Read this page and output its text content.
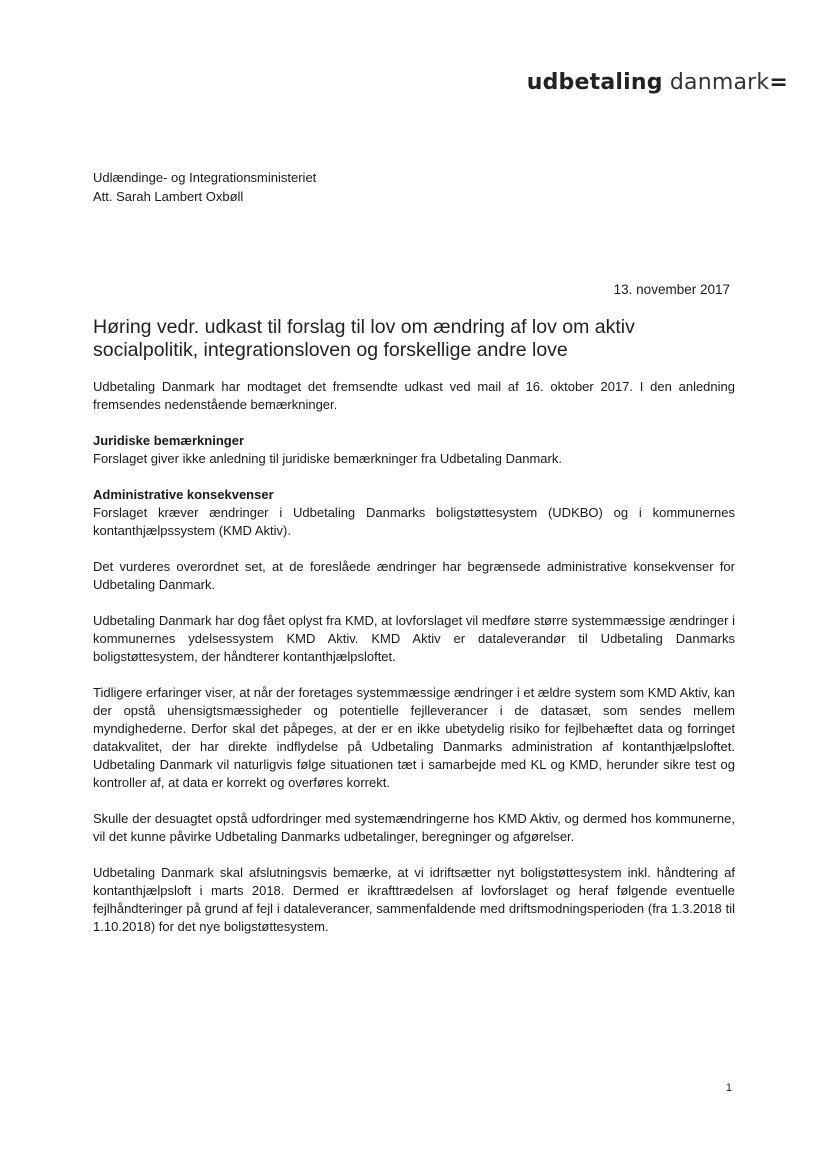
udbetaling danmark=
Udlændinge- og Integrationsministeriet
Att. Sarah Lambert Oxbøll
13. november 2017
Høring vedr. udkast til forslag til lov om ændring af lov om aktiv socialpolitik, integrationsloven og forskellige andre love

Udbetaling Danmark har modtaget det fremsendte udkast ved mail af 16. oktober 2017. I den anledning fremsendes nedenstående bemærkninger.

Juridiske bemærkninger

Forslaget giver ikke anledning til juridiske bemærkninger fra Udbetaling Danmark.

Administrative konsekvenser

Forslaget kræver ændringer i Udbetaling Danmarks boligstøttesystem (UDKBO) og i kommunernes kontanthjælpssystem (KMD Aktiv).

Det vurderes overordnet set, at de foreslåede ændringer har begrænsede administrative konsekvenser for Udbetaling Danmark.

Udbetaling Danmark har dog fået oplyst fra KMD, at lovforslaget vil medføre større systemmæssige ændringer i kommunernes ydelsessystem KMD Aktiv. KMD Aktiv er dataleverandør til Udbetaling Danmarks boligstøttesystem, der håndterer kontanthjælpsloftet.

Tidligere erfaringer viser, at når der foretages systemmæssige ændringer i et ældre system som KMD Aktiv, kan der opstå uhensigtsmæssigheder og potentielle fejlleverancer i de datasæt, som sendes mellem myndighederne. Derfor skal det påpeges, at der er en ikke ubetydelig risiko for fejlbehæftet data og forringet datakvalitet, der har direkte indflydelse på Udbetaling Danmarks administration af kontanthjælpsloftet. Udbetaling Danmark vil naturligvis følge situationen tæt i samarbejde med KL og KMD, herunder sikre test og kontroller af, at data er korrekt og overføres korrekt.

Skulle der desuagtet opstå udfordringer med systemændringerne hos KMD Aktiv, og dermed hos kommunerne, vil det kunne påvirke Udbetaling Danmarks udbetalinger, beregninger og afgørelser.

Udbetaling Danmark skal afslutningsvis bemærke, at vi idriftsætter nyt boligstøttesystem inkl. håndtering af kontanthjælpsloft i marts 2018. Dermed er ikrafttrædelsen af lovforslaget og heraf følgende eventuelle fejlhåndteringer på grund af fejl i dataleverancer, sammenfaldende med driftsmodningsperioden (fra 1.3.2018 til 1.10.2018) for det nye boligstøttesystem.

1
